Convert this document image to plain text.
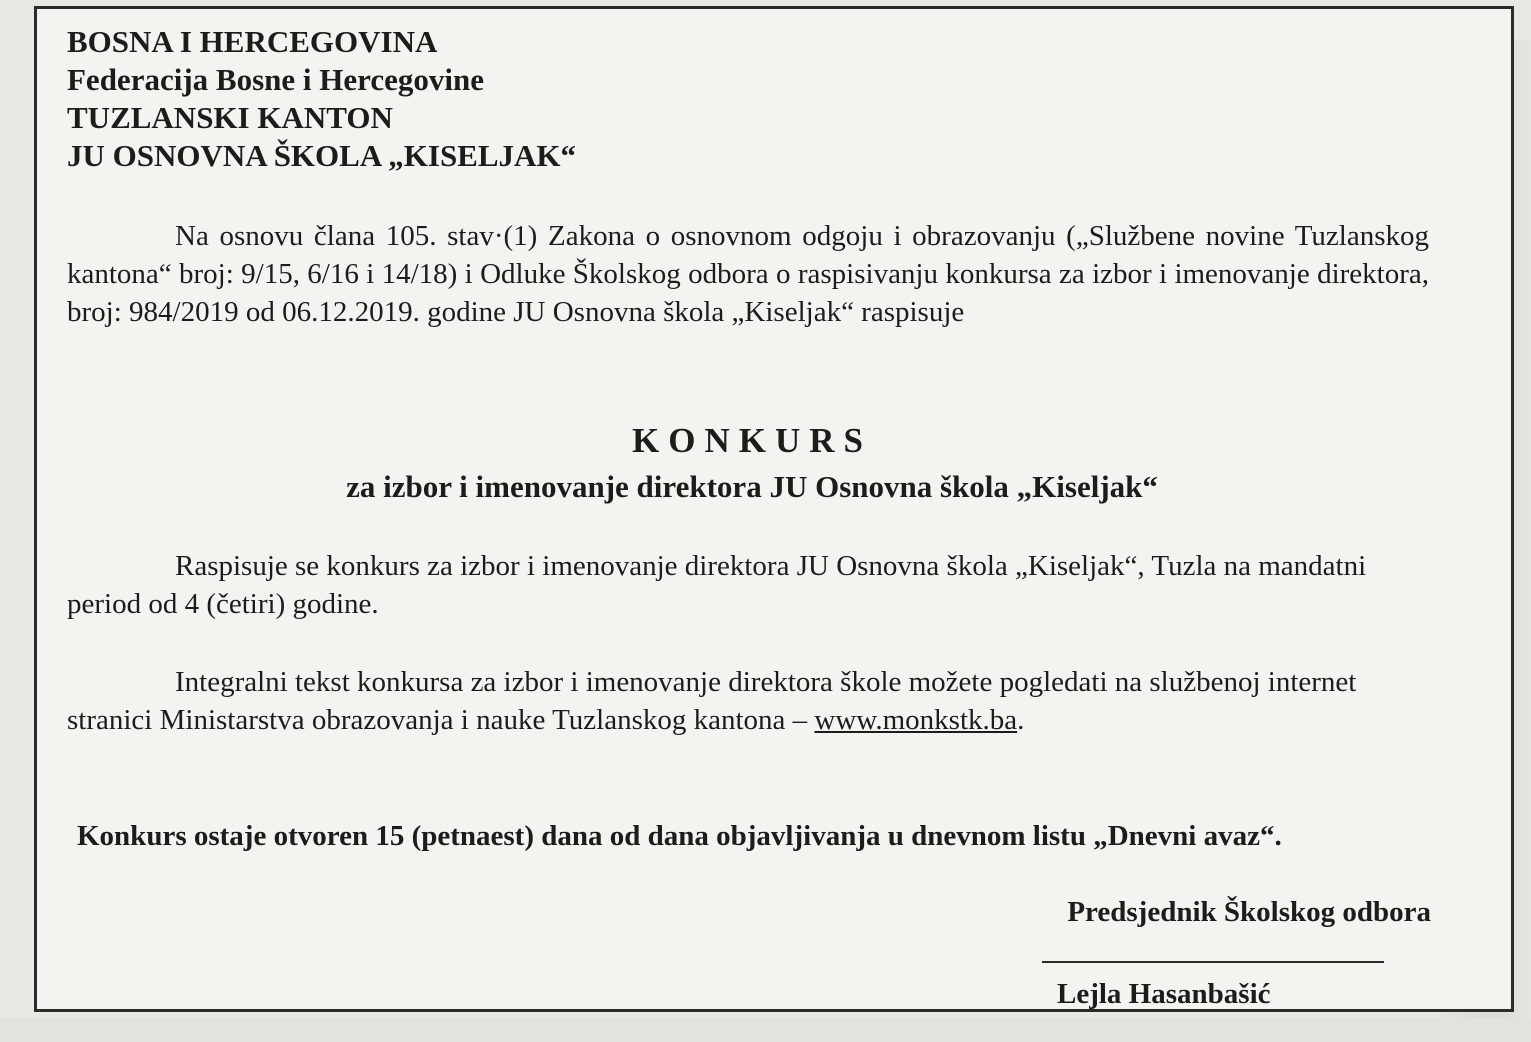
BOSNA I HERCEGOVINA
Federacija Bosne i Hercegovine
TUZLANSKI KANTON
JU OSNOVNA ŠKOLA „KISELJAK“
Na osnovu člana 105. stav·(1) Zakona o osnovnom odgoju i obrazovanju („Službene novine Tuzlanskog kantona“ broj: 9/15, 6/16 i 14/18) i Odluke Školskog odbora o raspisivanju konkursa za izbor i imenovanje direktora, broj: 984/2019 od 06.12.2019. godine JU Osnovna škola „Kiseljak“ raspisuje
KONKURS
za izbor i imenovanje direktora JU Osnovna škola „Kiseljak“
Raspisuje se konkurs za izbor i imenovanje direktora JU Osnovna škola „Kiseljak“, Tuzla na mandatni period od 4 (četiri) godine.
Integralni tekst konkursa za izbor i imenovanje direktora škole možete pogledati na službenoj internet stranici Ministarstva obrazovanja i nauke Tuzlanskog kantona – www.monkstk.ba.
Konkurs ostaje otvoren 15 (petnaest) dana od dana objavljivanja u dnevnom listu „Dnevni avaz“.
Predsjednik Školskog odbora
Lejla Hasanbašić
